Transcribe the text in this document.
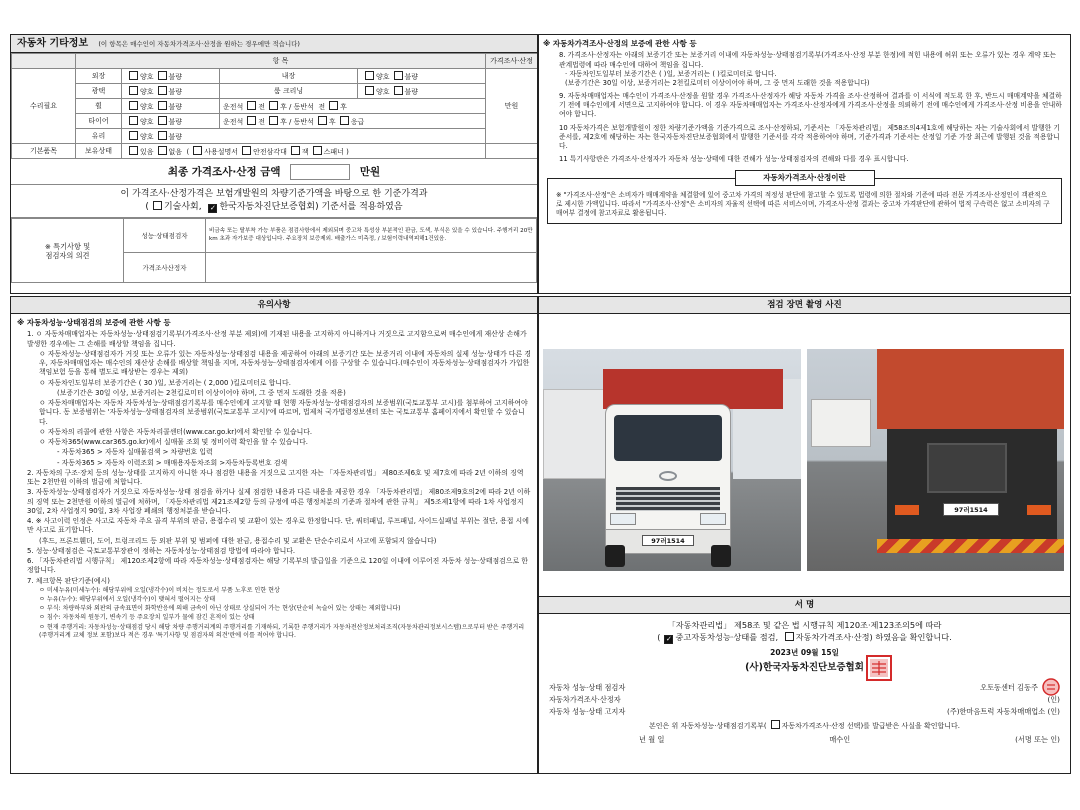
자동차 기타정보 (이 항목은 매수인이 자동차가격조사·산정을 원하는 경우에만 적습니다)
	항 목				가격조사·산정
수리필요	외장	양호 불량	내장	양호 불량	만원
	광택	양호 불량	룸 크리닝	양호 불량	
	휠	양호 불량	운전석 전 후 / 동반석 전 후		
	타이어	양호 불량	운전석 전 후 / 동반석 후 응급		
	유리	양호 불량			
기본품목	보유상태	있음 없음 ( 사용설명서 안전삼각대 잭 스패너 )			
최종 가격조사·산정 금액	만원
이 가격조사·산정가격은 보험개발원의 차량기준가액을 바탕으로 한 기준가격과
( 기술사회, ✓ 한국자동차진단보증협회) 기준서를 적용하였음
※ 특기사항 및
점검자의 의견	성능·상태점검자	비금속 또는 탈부착 가능 부품은 점검사항에서 제외되며 중고차 특성상 부분적인 판금, 도색, 부식은 있을 수 있습니다. 주행거리 20만km 초과 자가보증 대상입니다. 주요장치 보증제외. 배출가스 미측정, / 보험이력내역피해1건있음.
	가격조사산정자	
※ 자동차가격조사·산정의 보증에 관한 사항 등
8. 가격조사·산정자는 아래의 보증기간 또는 보증거리 이내에 자동차성능·상태점검기록부(가격조사·산정 부분 한정)에 적힌 내용에 허위 또는 오류가 있는 경우 계약 또는 관계법령에 따라 매수인에 대하여 책임을 집니다.
· 자동차인도일부터 보증기간은 ( )일, 보증거리는 ( )킬로미터로 합니다.
(보증기간은 30일 이상, 보증거리는 2천킬로미터 이상이어야 하며, 그 중 먼저 도래한 것을 적용합니다)
9. 자동차매매업자는 매수인이 가격조사·산정을 원할 경우 가격조사·산정자가 해당 자동차 가격을 조사·산정하여 결과를 이 서식에 적도록 한 후, 반드시 매매계약을 체결하기 전에 매수인에게 서면으로 고지하여야 합니다. 이 경우 자동차매매업자는 가격조사·산정자에게 가격조사·산정을 의뢰하기 전에 매수인에게 가격조사·산정 비용을 안내하여야 합니다.
10 자동차가격은 보험개발원이 정한 차량기준가액을 기준가격으로 조사·산정하되, 기준서는 「자동차관리법」 제58조의4제1호에 해당하는 자는 기술사회에서 발행한 기준서를, 제2호에 해당하는 자는 한국자동차진단보증협회에서 발행한 기준서를 각각 적용하여야 하며, 기준가격과 기준서는 산정일 기준 가장 최근에 발행된 것을 적용합니다.
11 특기사항란은 가격조사·산정자가 자동차 성능·상태에 대한 견해가 성능·상태점검자의 견해와 다를 경우 표시합니다.
자동차가격조사·산정이란
※ "가격조사·산정"은 소비자가 매매계약을 체결함에 있어 중고차 가격의 적정성 판단에 참고할 수 있도록 법령에 의한 절차와 기준에 따라 전문 가격조사·산정인이 객관적으로 제시한 가액입니다. 따라서 "가격조사·산정"은 소비자의 자율적 선택에 따른 서비스이며, 가격조사·산정 결과는 중고차 가격판단에 관하여 법적 구속력은 없고 소비자의 구매여부 결정에 참고자료로 활용됩니다.
유의사항
※ 자동차성능·상태점검의 보증에 관한 사항 등
1. ㅇ 자동차매매업자는 자동차성능·상태점검기록부(가격조사·산정 부분 제외)에 기재된 내용을 고지하지 아니하거나 거짓으로 고지함으로써 매수인에게 재산상 손해가 발생한 경우에는 그 손해를 배상할 책임을 집니다.
ㅇ 자동차성능·상태점검자가 거짓 또는 오류가 있는 자동차성능·상태점검 내용을 제공하여 아래의 보증기간 또는 보증거리 이내에 자동차의 실제 성능·상태가 다른 경우, 자동차매매업자는 매수인의 재산상 손해를 배상할 책임을 지며, 자동차성능·상태점검자에게 이를 구상할 수 있습니다.(매수인이 자동차성능·상태점검자가 가입한 책임보험 등을 통해 별도로 배상받는 경우는 제외)
ㅇ 자동차인도일부터 보증기간은 ( 30 )일, 보증거리는 ( 2,000 )킬로미터로 합니다.
(보증기간은 30일 이상, 보증거리는 2천킬로미터 이상이어야 하며, 그 중 먼저 도래한 것을 적용)
ㅇ 자동차매매업자는 자동차 자동차성능·상태점검기록부를 매수인에게 고지할 때 현행 자동차성능·상태점검자의 보증범위(국토교통부 고시)를 첨부하여 고지하여야 합니다. 동 보증범위는 '자동차성능·상태점검자의 보증범위(국토교통부 고시)'에 따르며, 법제처 국가법령정보센터 또는 국토교통부 홈페이지에서 확인할 수 있습니다.
ㅇ 자동차의 리콜에 관한 사항은 자동차리콜센터(www.car.go.kr)에서 확인할 수 있습니다.
ㅇ 자동차365(www.car365.go.kr)에서 실매물 조회 및 정비이력 확인을 할 수 있습니다.
- 자동차365 > 자동차 실매물검색 > 차량번호 입력
- 자동차365 > 자동차 이력조회 > 매매용자동차조회 >자동차등록번호 검색
2. 자동차의 구조·장치 등의 성능·상태를 고지하지 아니한 자나 점검한 내용을 거짓으로 고지한 자는 「자동차관리법」 제80조제6호 및 제7호에 따라 2년 이하의 징역 또는 2천만원 이하의 벌금에 처합니다.
3. 자동차성능·상태점검자가 거짓으로 자동차성능·상태 점검을 하거나 실제 점검한 내용과 다른 내용을 제공한 경우 「자동차관리법」 제80조제9호의2에 따라 2년 이하의 징역 또는 2천만원 이하의 벌금에 처하며, 「자동차관리법 제21조제2항 등의 규정에 따른 행정처분의 기준과 절차에 관한 규칙」 제5조제1항에 따라 1차 사업정지 30일, 2차 사업정지 90일, 3차 사업장 폐쇄의 행정처분을 받습니다.
4. ※ 사고이력 인정은 사고로 자동차 주요 골격 부위의 판금, 용접수리 및 교환이 있는 경우로 한정합니다. 단, 쿼터패널, 루프패널, 사이드실패널 부위는 절단, 용접 시에만 사고로 표기합니다.
(후드, 프론트휀더, 도어, 트렁크리드 등 외판 부위 및 범퍼에 대한 판금, 용접수리 및 교환은 단순수리로서 사고에 포함되지 않습니다)
5. 성능·상태점검은 국토교통부장관이 정하는 자동차성능·상태점검 방법에 따라야 합니다.
6. 「자동차관리법 시행규칙」 제120조제2항에 따라 자동차성능·상태점검자는 해당 기록부의 발급일을 기준으로 120일 이내에 이루어진 자동차 성능·상태점검으로 한정합니다.
7. 체크항목 판단기준(예시)
ㅇ 미세누유(미세누수): 해당부위에 오일(냉각수)이 비치는 정도로서 부품 노후로 인한 현상
ㅇ 누유(누수): 해당부위에서 오일(냉각수)이 맺혀서 떨어지는 상태
ㅇ 부식: 차량하부와 외판의 금속표면이 화학반응에 의해 금속이 아닌 상태로 상실되어 가는 현상(단순히 녹슬어 있는 상태는 제외합니다)
ㅇ 침수: 자동차의 원동기, 변속기 등 주요장치 일부가 물에 잠긴 흔적이 있는 상태
ㅇ 현재 주행거리: 자동차성능·상태점검 당시 해당 차량 주행거리계의 주행거리를 기재하되, 기록한 주행거리가 자동차전산정보처리조직(자동차관리정보시스템)으로부터 받은 주행거리(주행거리계 교체 정보 포함)보다 적은 경우 '특기사항 및 점검자의 의견'란에 이를 적어야 합니다.
점검 장면 촬영 사진
97러1514
97러1514
서 명
「자동차관리법」 제58조 및 같은 법 시행규칙 제120조·제123조의5에 따라
( ✓ 중고자동차성능·상태를 점검, 자동차가격조사·산정) 하였음을 확인합니다.
2023년 09월 15일
(사)한국자동차진단보증협회
자동차 성능·상태 점검자	오토동센터 김동주
자동차가격조사·산정자	(인)
자동차 성능·상태 고지자	(주)한마음트럭 자동차매매업소 (인)
본인은 위 자동차성능·상태점검기록부( 자동차가격조사·산정 선택)를 발급받은 사실을 확인합니다.
년 월 일	매수인	(서명 또는 인)
